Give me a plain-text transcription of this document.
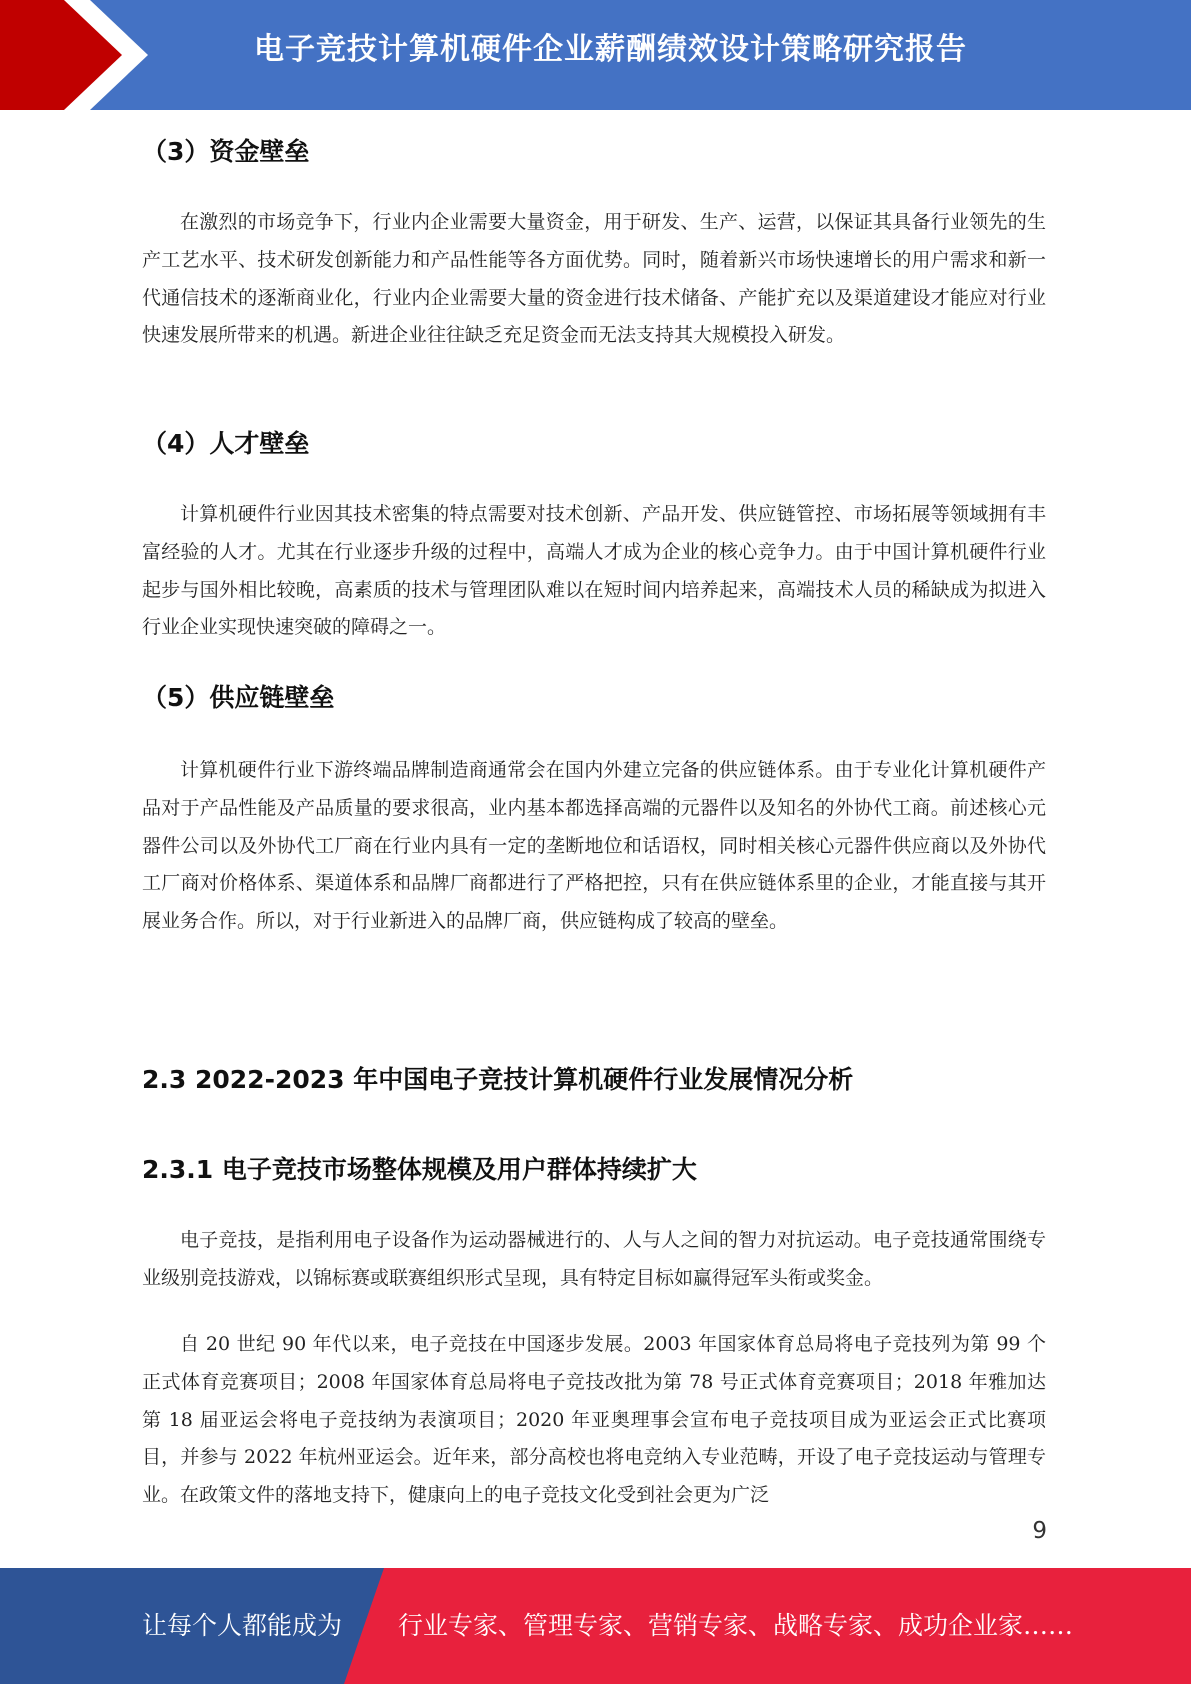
电子竞技计算机硬件企业薪酬绩效设计策略研究报告
（3）资金壁垒

在激烈的市场竞争下，行业内企业需要大量资金，用于研发、生产、运营，以保证其具备行业领先的生产工艺水平、技术研发创新能力和产品性能等各方面优势。同时，随着新兴市场快速增长的用户需求和新一代通信技术的逐渐商业化，行业内企业需要大量的资金进行技术储备、产能扩充以及渠道建设才能应对行业快速发展所带来的机遇。新进企业往往缺乏充足资金而无法支持其大规模投入研发。

（4）人才壁垒

计算机硬件行业因其技术密集的特点需要对技术创新、产品开发、供应链管控、市场拓展等领域拥有丰富经验的人才。尤其在行业逐步升级的过程中，高端人才成为企业的核心竞争力。由于中国计算机硬件行业起步与国外相比较晚，高素质的技术与管理团队难以在短时间内培养起来，高端技术人员的稀缺成为拟进入行业企业实现快速突破的障碍之一。

（5）供应链壁垒

计算机硬件行业下游终端品牌制造商通常会在国内外建立完备的供应链体系。由于专业化计算机硬件产品对于产品性能及产品质量的要求很高，业内基本都选择高端的元器件以及知名的外协代工商。前述核心元器件公司以及外协代工厂商在行业内具有一定的垄断地位和话语权，同时相关核心元器件供应商以及外协代工厂商对价格体系、渠道体系和品牌厂商都进行了严格把控，只有在供应链体系里的企业，才能直接与其开展业务合作。所以，对于行业新进入的品牌厂商，供应链构成了较高的壁垒。

2.3 2022-2023 年中国电子竞技计算机硬件行业发展情况分析
2.3.1 电子竞技市场整体规模及用户群体持续扩大

电子竞技，是指利用电子设备作为运动器械进行的、人与人之间的智力对抗运动。电子竞技通常围绕专业级别竞技游戏，以锦标赛或联赛组织形式呈现，具有特定目标如赢得冠军头衔或奖金。

自 20 世纪 90 年代以来，电子竞技在中国逐步发展。2003 年国家体育总局将电子竞技列为第 99 个正式体育竞赛项目；2008 年国家体育总局将电子竞技改批为第 78 号正式体育竞赛项目；2018 年雅加达第 18 届亚运会将电子竞技纳为表演项目；2020 年亚奥理事会宣布电子竞技项目成为亚运会正式比赛项目，并参与 2022 年杭州亚运会。近年来，部分高校也将电竞纳入专业范畴，开设了电子竞技运动与管理专业。在政策文件的落地支持下，健康向上的电子竞技文化受到社会更为广泛

9
让每个人都能成为 行业专家、管理专家、营销专家、战略专家、成功企业家……
